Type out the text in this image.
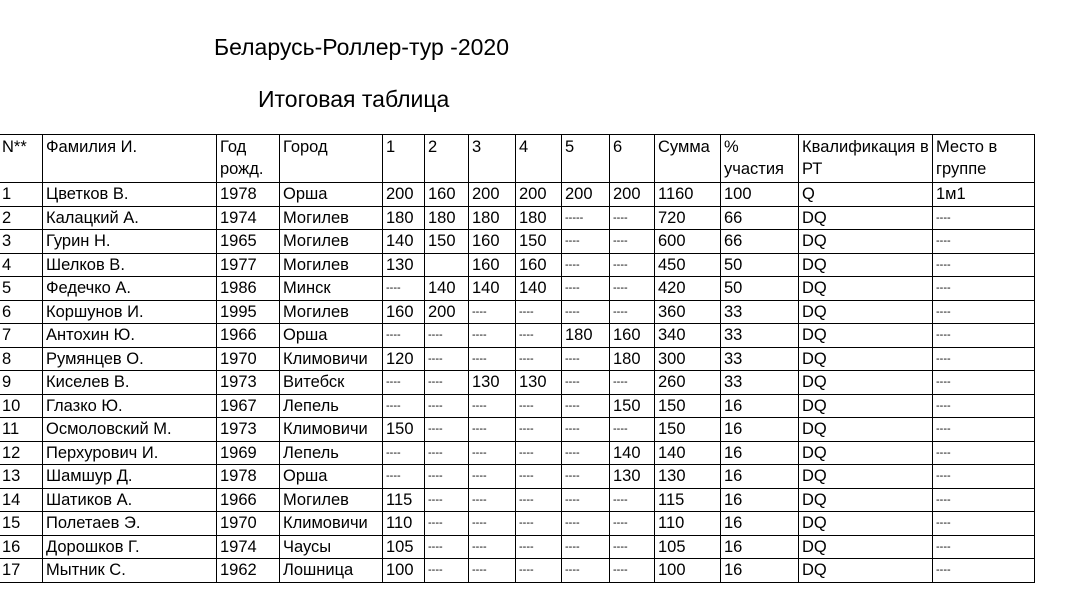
Беларусь-Роллер-тур -2020
Итоговая таблица
N**	Фамилия И.	Год рожд.	Город	1	2	3	4	5	6	Сумма	% участия	Квалификация в РТ	Место в группе
1	Цветков В.	1978	Орша	200	160	200	200	200	200	1160	100	Q	1м1
2	Калацкий А.	1974	Могилев	180	180	180	180	-----	----	720	66	DQ	----
3	Гурин Н.	1965	Могилев	140	150	160	150	----	----	600	66	DQ	----
4	Шелков В.	1977	Могилев	130		160	160	----	----	450	50	DQ	----
5	Федечко А.	1986	Минск	----	140	140	140	----	----	420	50	DQ	----
6	Коршунов И.	1995	Могилев	160	200	----	----	----	----	360	33	DQ	----
7	Антохин Ю.	1966	Орша	----	----	----	----	180	160	340	33	DQ	----
8	Румянцев О.	1970	Климовичи	120	----	----	----	----	180	300	33	DQ	----
9	Киселев В.	1973	Витебск	----	----	130	130	----	----	260	33	DQ	----
10	Глазко Ю.	1967	Лепель	----	----	----	----	----	150	150	16	DQ	----
11	Осмоловский М.	1973	Климовичи	150	----	----	----	----	----	150	16	DQ	----
12	Перхурович И.	1969	Лепель	----	----	----	----	----	140	140	16	DQ	----
13	Шамшур Д.	1978	Орша	----	----	----	----	----	130	130	16	DQ	----
14	Шатиков А.	1966	Могилев	115	----	----	----	----	----	115	16	DQ	----
15	Полетаев Э.	1970	Климовичи	110	----	----	----	----	----	110	16	DQ	----
16	Дорошков Г.	1974	Чаусы	105	----	----	----	----	----	105	16	DQ	----
17	Мытник С.	1962	Лошница	100	----	----	----	----	----	100	16	DQ	----
